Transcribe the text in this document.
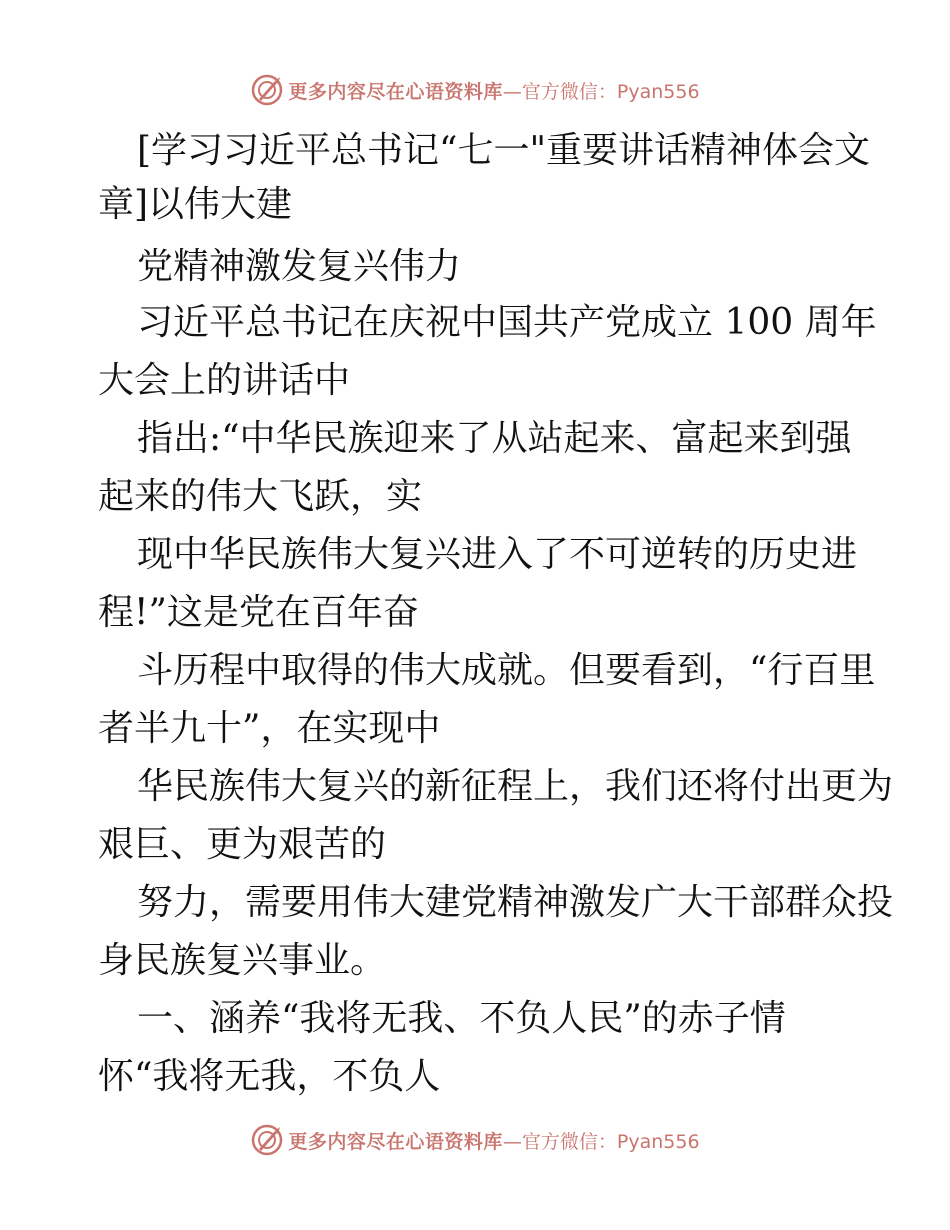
更多内容尽在心语资料库 —官方微信：Pyan556
[学习习近平总书记“七一"重要讲话精神体会文
章]以伟大建
党精神激发复兴伟力
习近平总书记在庆祝中国共产党成立 100 周年
大会上的讲话中
指出:“中华民族迎来了从站起来、富起来到强
起来的伟大飞跃，实
现中华民族伟大复兴进入了不可逆转的历史进
程!”这是党在百年奋
斗历程中取得的伟大成就。但要看到，“行百里
者半九十”，在实现中
华民族伟大复兴的新征程上，我们还将付出更为
艰巨、更为艰苦的
努力，需要用伟大建党精神激发广大干部群众投
身民族复兴事业。
一、涵养“我将无我、不负人民”的赤子情
怀“我将无我，不负人
更多内容尽在心语资料库 —官方微信：Pyan556
